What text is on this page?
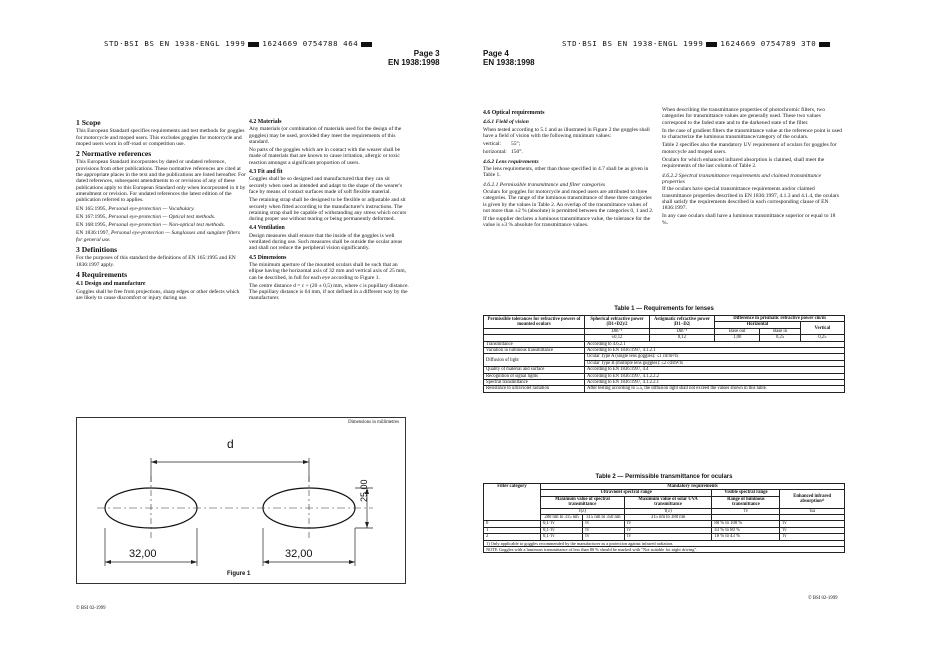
STD·BSI BS EN 1938-ENGL 1999 1624669 0754788 464
Page 3
EN 1938:1998
1 Scope

This European Standard specifies requirements and test methods for goggles for motorcycle and moped users. This excludes goggles for motorcycle and moped users worn in off-road or competition use.

2 Normative references

This European Standard incorporates by dated or undated reference, provisions from other publications. These normative references are cited at the appropriate places in the text and the publications are listed hereafter. For dated references, subsequent amendments to or revisions of any of these publications apply to this European Standard only when incorporated in it by amendment or revision. For undated references the latest edition of the publication referred to applies.

EN 165:1995, Personal eye-protection — Vocabulary.

EN 167:1995, Personal eye-protection — Optical test methods.

EN 168:1995, Personal eye-protection — Non-optical test methods.

EN 1836:1997, Personal eye-protection — Sunglasses and sunglare filters for general use.

3 Definitions

For the purposes of this standard the definitions of EN 165:1995 and EN 1836:1997 apply.

4 Requirements
4.1 Design and manufacture

Goggles shall be free from projections, sharp edges or other defects which are likely to cause discomfort or injury during use.

4.2 Materials

Any materials (or combination of materials used for the design of the goggles) may be used, provided they meet the requirements of this standard.

No parts of the goggles which are in contact with the wearer shall be made of materials that are known to cause irritation, allergic or toxic reaction amongst a significant proportion of users.

4.3 Fit and fit

Goggles shall be so designed and manufactured that they can sit securely when used as intended and adapt to the shape of the wearer's face by means of contact surfaces made of soft flexible material.

The retaining strap shall be designed to be flexible or adjustable and sit securely when fitted according to the manufacturer's instructions. The retaining strap shall be capable of withstanding any stress which occurs during proper use without tearing or being permanently deformed.

4.4 Ventilation

Design measures shall ensure that the inside of the goggles is well ventilated during use. Such measures shall be outside the ocular areas and shall not reduce the peripheral vision significantly.

4.5 Dimensions

The minimum aperture of the mounted oculars shall be such that an ellipse having the horizontal axis of 32 mm and vertical axis of 25 mm, can be described, in full for each eye according to Figure 1.

The centre distance d = c + (20 ± 0,5) mm, where c is pupillary distance. The pupillary distance is 64 mm, if not defined in a different way by the manufacturer.

Dimensions in millimetres
d
32,00	32,00
25,00
Figure 1
© BSI 02-1999
Page 4
EN 1938:1998
STD·BSI BS EN 1938-ENGL 1999 1624669 0754789 3T0
4.6 Optical requirements
4.6.1 Field of vision

When tested according to 5.1 and as illustrated in Figure 2 the goggles shall have a field of vision with the following minimum values:

vertical: 55°;

horizontal: 150°.

4.6.2 Lens requirements

The lens requirements, other than those specified in 4.7 shall be as given in Table 1.

4.6.2.1 Permissible transmittance and filter categories

Oculars for goggles for motorcycle and moped users are attributed to three categories. The range of the luminous transmittance of these three categories is given by the values in Table 2. An overlap of the transmittance values of not more than ±2 % (absolute) is permitted between the categories 0, 1 and 2.

If the supplier declares a luminous transmittance value, the tolerance for the value is ±3 % absolute for transmittance values.

When describing the transmittance properties of photochromic filters, two categories for transmittance values are generally used. These two values correspond to the faded state and to the darkened state of the filter.

In the case of gradient filters the transmittance value at the reference point is used to characterize the luminous transmittance/category of the oculars.

Table 2 specifies also the mandatory UV requirement of oculars for goggles for motorcycle and moped users.

Oculars for which enhanced infrared absorption is claimed, shall meet the requirements of the last column of Table 2.

4.6.2.2 Spectral transmittance requirements and claimed transmittance properties

If the oculars have special transmittance requirements and/or claimed transmittance properties described in EN 1836:1997, 4.1.3 and 4.1.4, the oculars shall satisfy the requirements described in each corresponding clause of EN 1836:1997.

In any case oculars shall have a luminous transmittance superior or equal to 18 %.

Table 1 — Requirements for lenses
Permissible tolerances for refractive powers of mounted oculars	Spherical refractive power (D1+D2)/2	Astigmatic refractive power |D1−D2|	Difference in prismatic refractive power cm/m		
			Horizontal		Vertical
	Dm⁻¹	Dm⁻¹	Base out	Base in	
	±0,12	0,12	1,00	0,25	0,25
Transmittance	According to 4.6.2.1				
Variation in luminous transmittance	According to EN 1836:1997, 4.1.2.1				
Diffusion of light	Ocular Type A (single lens goggles): ≤1 cd/m²/lx				
	Ocular Type B (multiple lens goggles): ≤2 cd/m²/lx				
Quality of material and surface	According to EN 1836:1997, 4.4				
Recognition of signal lights	According to EN 1836:1997, 4.1.2.2.2				
Spectral transmittance	According to EN 1836:1997, 4.1.2.2.1				
Resistance to ultraviolet radiation	After testing according to 5.5, the diffusion light shall not exceed the values shown in this table.				
Table 2 — Permissible transmittance for oculars
Filter category	Mandatory requirements				
	Ultraviolet spectral range			Visible spectral range	Enhanced infrared absorption¹⁾
	Maximum value of spectral transmittance		Maximum value of solar UVA transmittance	Range of luminous transmittance	
	τ(λ)		τ(λ)	τv	τsa
	280 nm to 315 nm	315 nm to 350 nm	315 nm to 380 nm		
0	0,1·τv	τv	τv	80 % to 100 %	τv
1	0,1·τv	τv	τv	43 % to 80 %	τv
2	0,1·τv	τv	τv	18 % to 43 %	τv
1) Only applicable to goggles recommended by the manufacturer as a protection against infrared radiation.					
NOTE Goggles with a luminous transmittance of less than 80 % should be marked with "Not suitable for night driving".					
© BSI 02-1999
